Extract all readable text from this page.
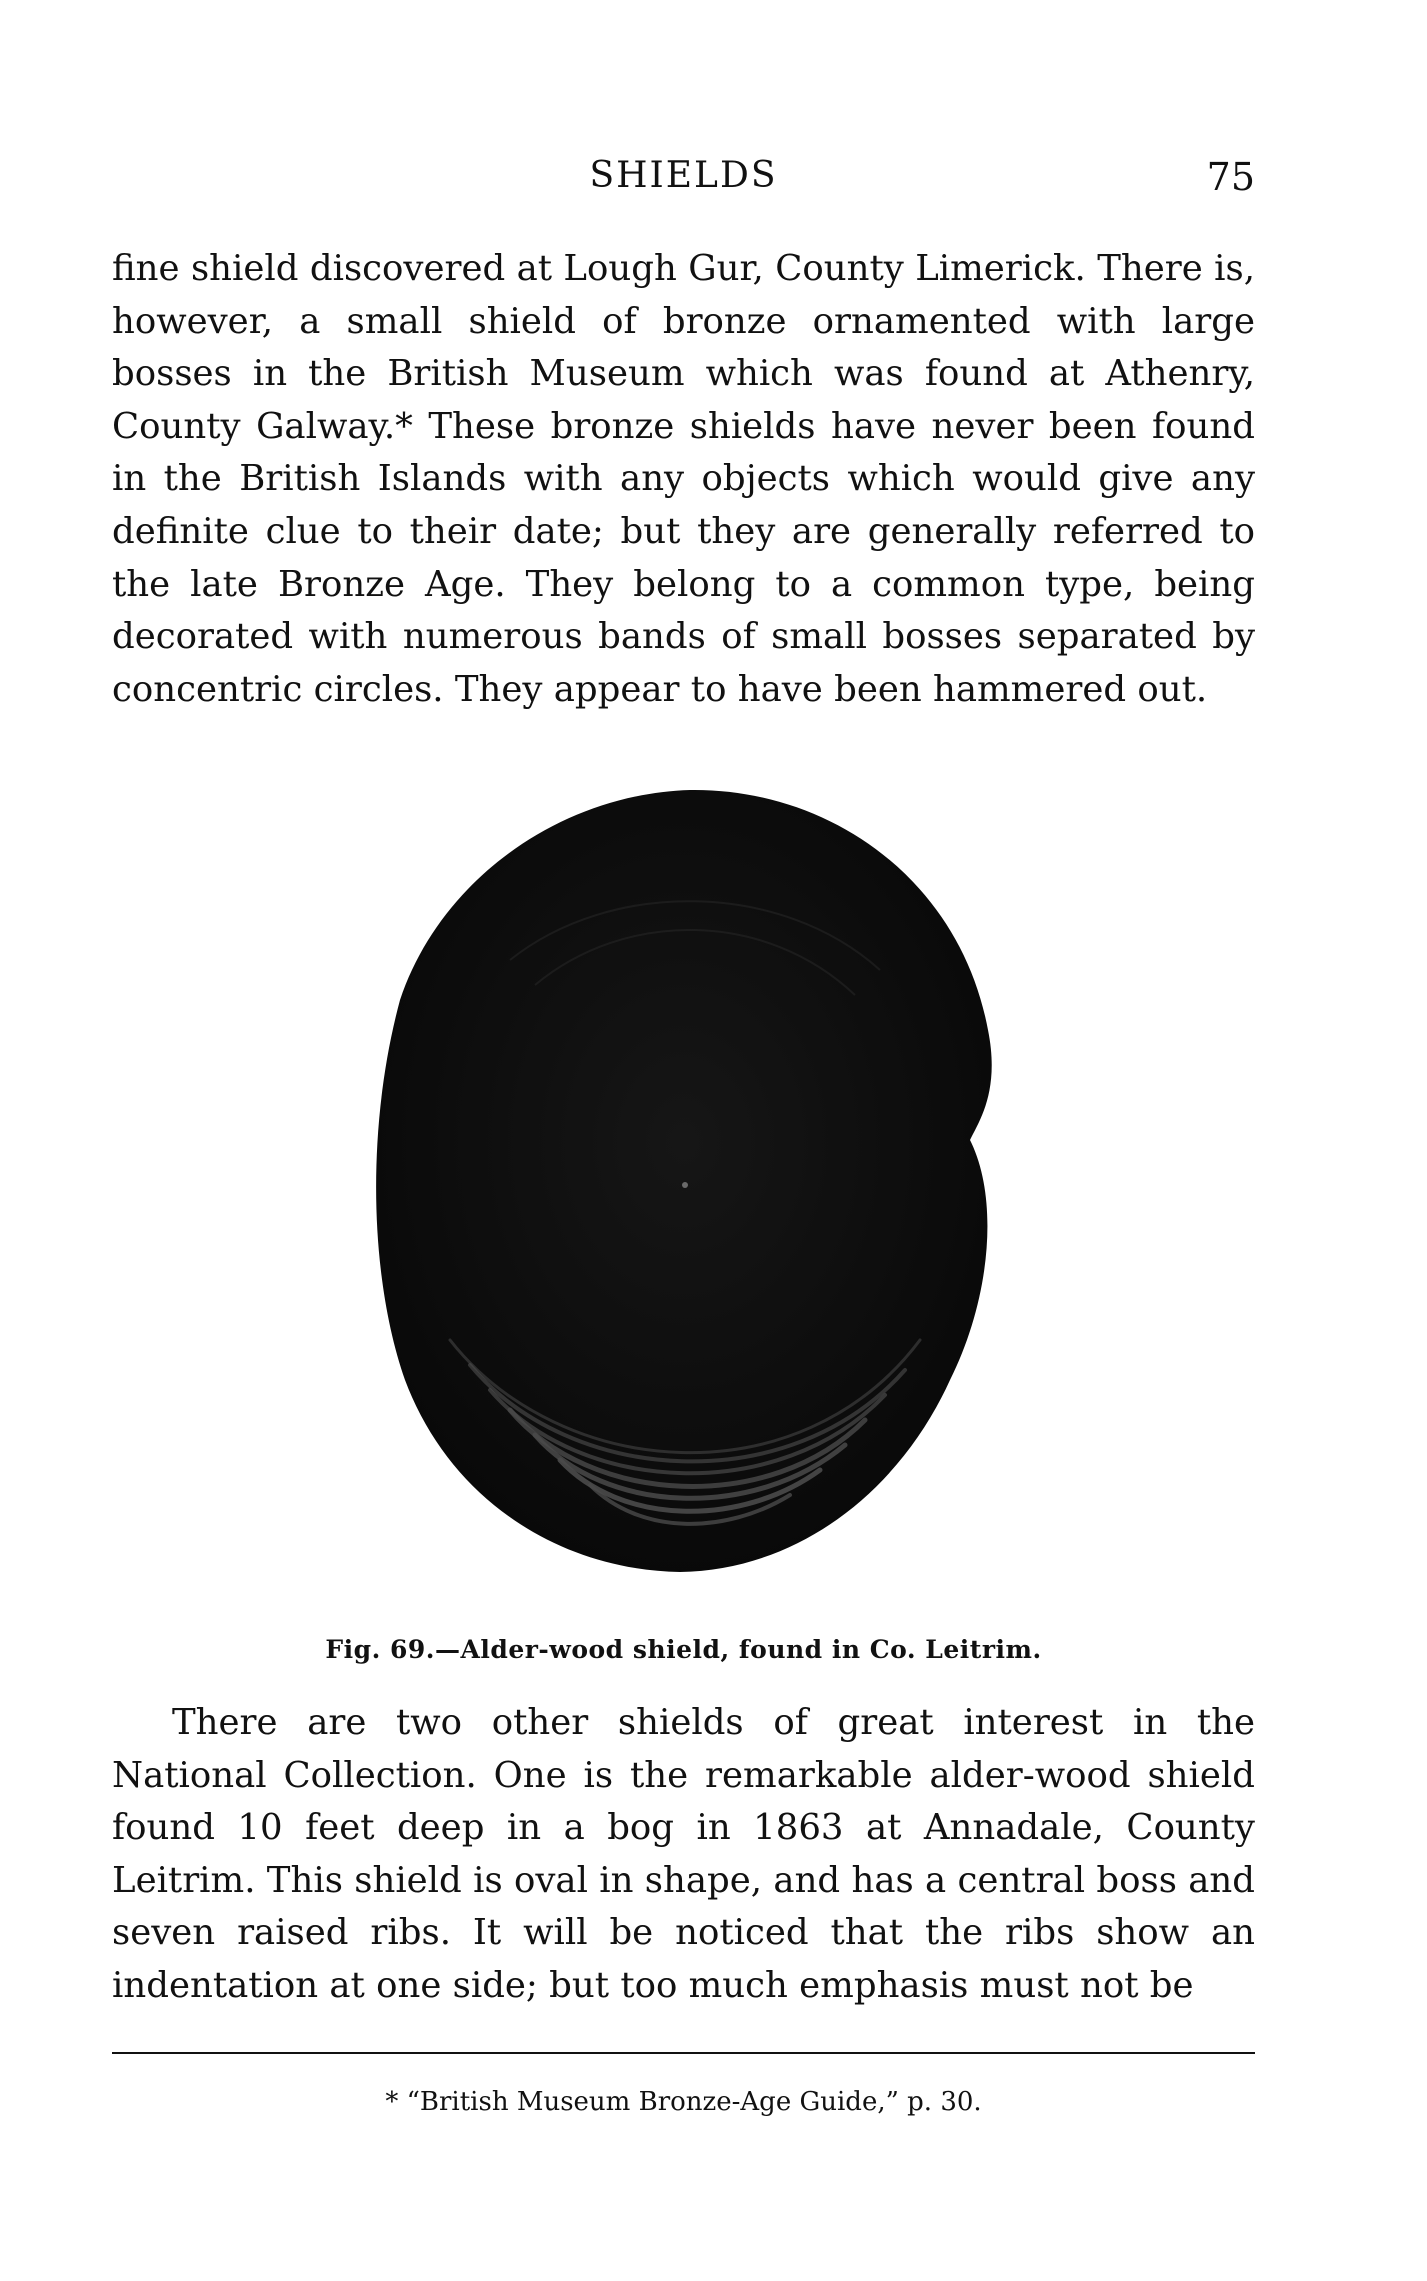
SHIELDS	75

fine shield discovered at Lough Gur, County Limerick. There is, however, a small shield of bronze ornamented with large bosses in the British Museum which was found at Athenry, County Galway.* These bronze shields have never been found in the British Islands with any objects which would give any definite clue to their date; but they are generally referred to the late Bronze Age. They belong to a common type, being decorated with numerous bands of small bosses separated by concentric circles. They appear to have been hammered out.

Fig. 69.—Alder-wood shield, found in Co. Leitrim.

There are two other shields of great interest in the National Collection. One is the remarkable alder-wood shield found 10 feet deep in a bog in 1863 at Annadale, County Leitrim. This shield is oval in shape, and has a central boss and seven raised ribs. It will be noticed that the ribs show an indentation at one side; but too much emphasis must not be

* “British Museum Bronze-Age Guide,” p. 30.
